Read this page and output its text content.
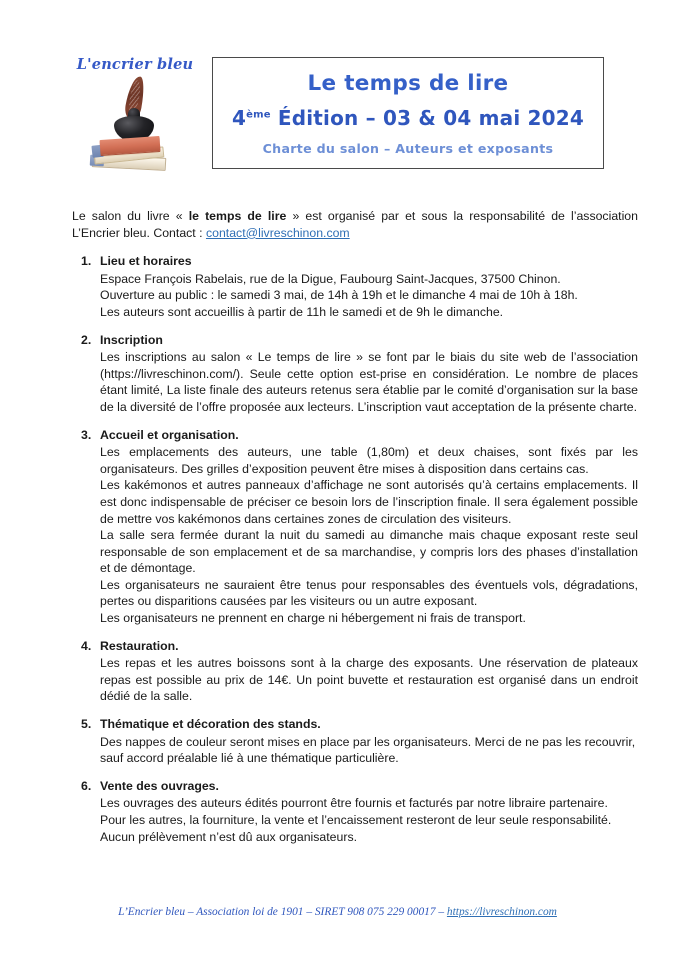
L'encrier bleu
Le temps de lire
4ème Édition – 03 & 04 mai 2024
Charte du salon – Auteurs et exposants

Le salon du livre « le temps de lire » est organisé par et sous la responsabilité de l’association L’Encrier bleu. Contact : contact@livreschinon.com

Lieu et horaires

Espace François Rabelais, rue de la Digue, Faubourg Saint-Jacques, 37500 Chinon.

Ouverture au public : le samedi 3 mai, de 14h à 19h et le dimanche 4 mai de 10h à 18h.

Les auteurs sont accueillis à partir de 11h le samedi et de 9h le dimanche.

Inscription

Les inscriptions au salon « Le temps de lire » se font par le biais du site web de l’association (https://livreschinon.com/). Seule cette option est-prise en considération. Le nombre de places étant limité, La liste finale des auteurs retenus sera établie par le comité d’organisation sur la base de la diversité de l’offre proposée aux lecteurs. L’inscription vaut acceptation de la présente charte.

Accueil et organisation.

Les emplacements des auteurs, une table (1,80m) et deux chaises, sont fixés par les organisateurs. Des grilles d’exposition peuvent être mises à disposition dans certains cas.

Les kakémonos et autres panneaux d’affichage ne sont autorisés qu’à certains emplacements. Il est donc indispensable de préciser ce besoin lors de l’inscription finale. Il sera également possible de mettre vos kakémonos dans certaines zones de circulation des visiteurs.

La salle sera fermée durant la nuit du samedi au dimanche mais chaque exposant reste seul responsable de son emplacement et de sa marchandise, y compris lors des phases d’installation et de démontage.

Les organisateurs ne sauraient être tenus pour responsables des éventuels vols, dégradations, pertes ou disparitions causées par les visiteurs ou un autre exposant.

Les organisateurs ne prennent en charge ni hébergement ni frais de transport.

Restauration.

Les repas et les autres boissons sont à la charge des exposants. Une réservation de plateaux repas est possible au prix de 14€. Un point buvette et restauration est organisé dans un endroit dédié de la salle.

Thématique et décoration des stands.

Des nappes de couleur seront mises en place par les organisateurs. Merci de ne pas les recouvrir, sauf accord préalable lié à une thématique particulière.

Vente des ouvrages.

Les ouvrages des auteurs édités pourront être fournis et facturés par notre libraire partenaire.

Pour les autres, la fourniture, la vente et l’encaissement resteront de leur seule responsabilité.

Aucun prélèvement n’est dû aux organisateurs.

L’Encrier bleu – Association loi de 1901 – SIRET 908 075 229 00017 – https://livreschinon.com
